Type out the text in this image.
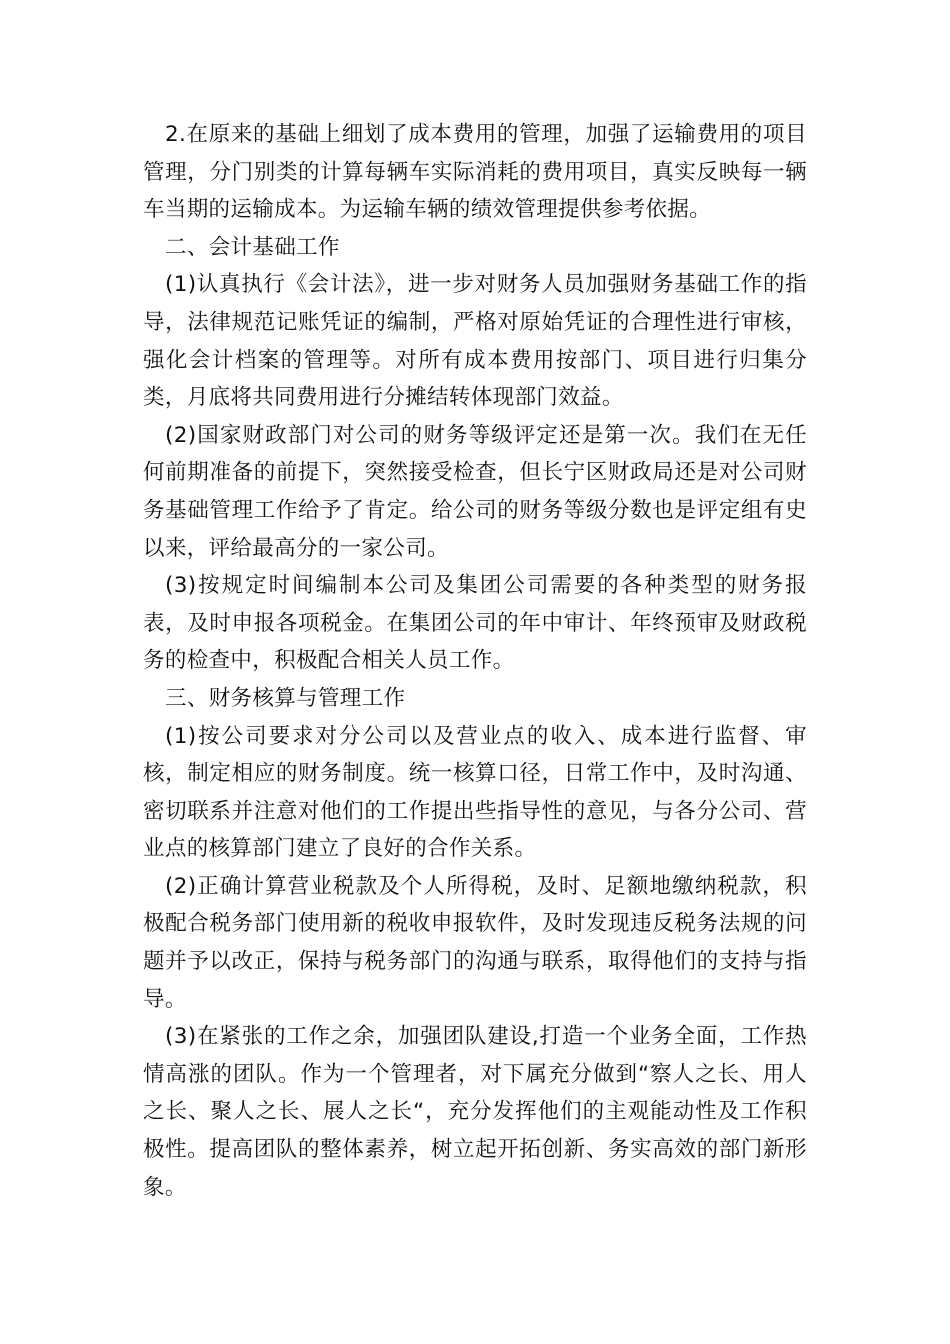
2.在原来的基础上细划了成本费用的管理，加强了运输费用的项目管理，分门别类的计算每辆车实际消耗的费用项目，真实反映每一辆车当期的运输成本。为运输车辆的绩效管理提供参考依据。

二、会计基础工作

(1)认真执行《会计法》，进一步对财务人员加强财务基础工作的指导，法律规范记账凭证的编制，严格对原始凭证的合理性进行审核，强化会计档案的管理等。对所有成本费用按部门、项目进行归集分类，月底将共同费用进行分摊结转体现部门效益。

(2)国家财政部门对公司的财务等级评定还是第一次。我们在无任何前期准备的前提下，突然接受检查，但长宁区财政局还是对公司财务基础管理工作给予了肯定。给公司的财务等级分数也是评定组有史以来，评给最高分的一家公司。

(3)按规定时间编制本公司及集团公司需要的各种类型的财务报表，及时申报各项税金。在集团公司的年中审计、年终预审及财政税务的检查中，积极配合相关人员工作。

三、财务核算与管理工作

(1)按公司要求对分公司以及营业点的收入、成本进行监督、审核，制定相应的财务制度。统一核算口径，日常工作中，及时沟通、密切联系并注意对他们的工作提出些指导性的意见，与各分公司、营业点的核算部门建立了良好的合作关系。

(2)正确计算营业税款及个人所得税，及时、足额地缴纳税款，积极配合税务部门使用新的税收申报软件，及时发现违反税务法规的问题并予以改正，保持与税务部门的沟通与联系，取得他们的支持与指导。

(3)在紧张的工作之余，加强团队建设,打造一个业务全面，工作热情高涨的团队。作为一个管理者，对下属充分做到“察人之长、用人之长、聚人之长、展人之长“，充分发挥他们的主观能动性及工作积极性。提高团队的整体素养，树立起开拓创新、务实高效的部门新形象。
